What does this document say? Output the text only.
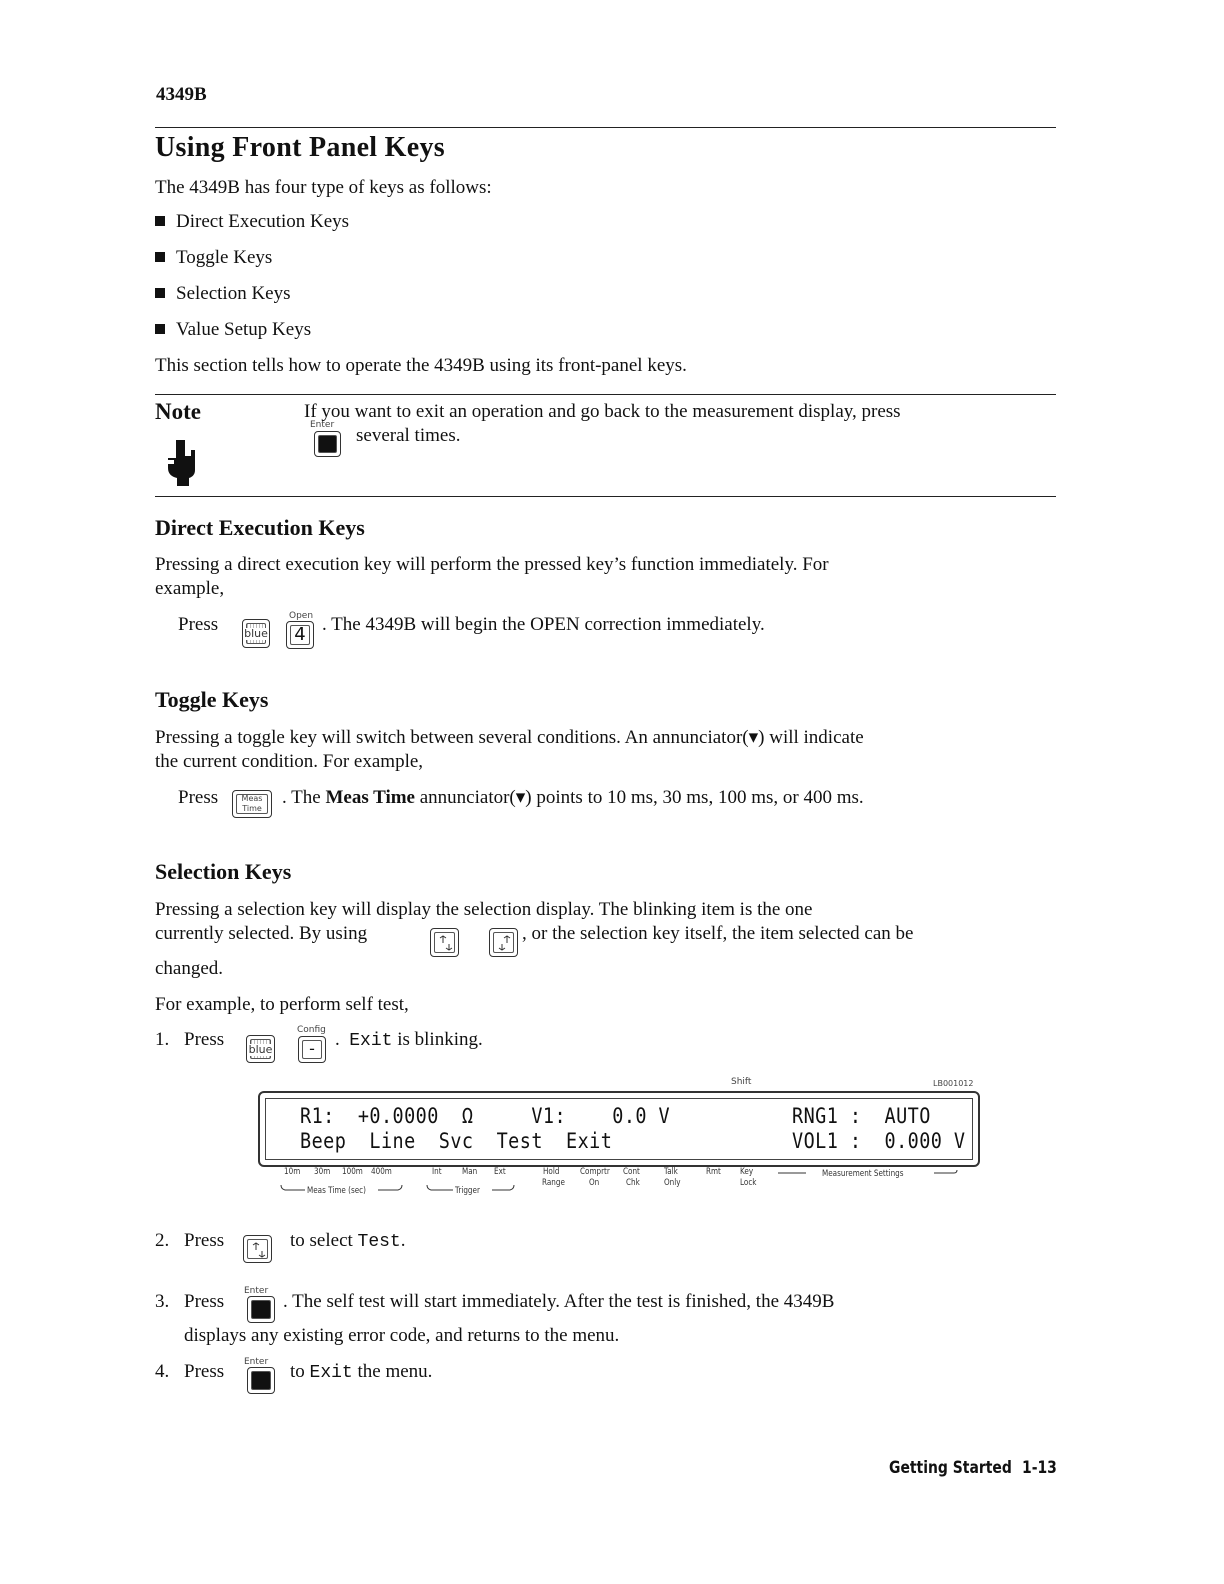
4349B
Using Front Panel Keys
The 4349B has four type of keys as follows:
Direct Execution Keys
Toggle Keys
Selection Keys
Value Setup Keys
This section tells how to operate the 4349B using its front-panel keys.
Note	If you want to exit an operation and go back to the measurement display, press
Enter several times.
Direct Execution Keys
Pressing a direct execution key will perform the pressed key’s function immediately. For
example,
Press blue
Open
4 . The 4349B will begin the OPEN correction immediately.
Toggle Keys
Pressing a toggle key will switch between several conditions. An annunciator(▾) will indicate
the current condition. For example,
Press	Meas
Time
. The Meas Time annunciator(▾) points to 10 ms, 30 ms, 100 ms, or 400 ms.
Selection Keys
Pressing a selection key will display the selection display. The blinking item is the one
currently selected. By using	, or the selection key itself, the item selected can be
changed.
For example, to perform self test,
1. Press blue
Config
-	. Exit is blinking.
Shift	LB001012
R1:  +0.0000  Ω     V1:    0.0 V	RNG1 :  AUTO
Beep  Line  Svc  Test  Exit	VOL1 :  0.000 V
10m 30m 100m 400m	Int Man Ext	Hold Comprtr Cont	Talk	Rmt Key
Range	On	Chk	Only	Lock
Meas Time (sec)	Trigger
Measurement Settings
2. Press	to select Test.
3. Press Enter . The self test will start immediately. After the test is finished, the 4349B
displays any existing error code, and returns to the menu.
4. Press Enter to Exit the menu.
Getting Started 1-13
